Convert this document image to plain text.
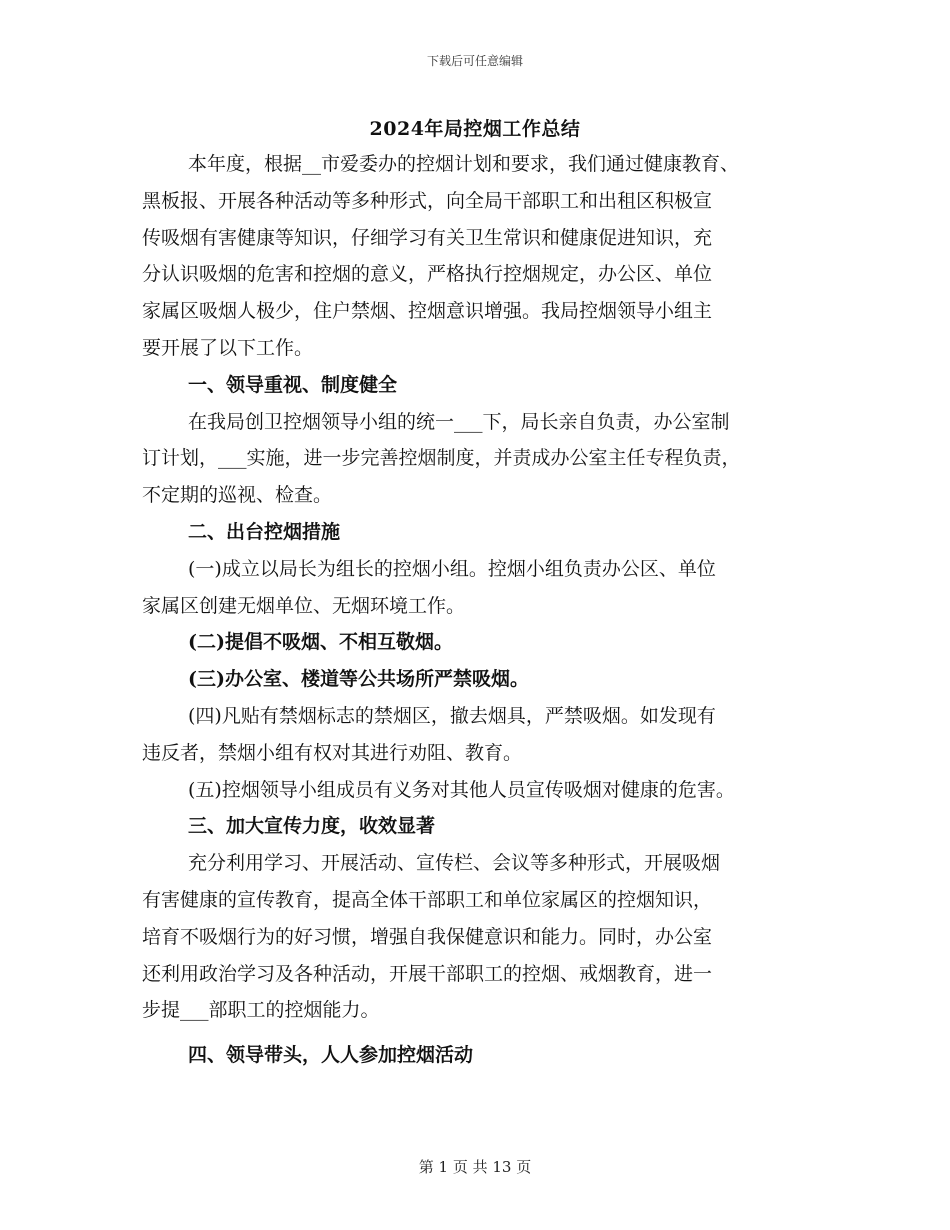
下载后可任意编辑
2024年局控烟工作总结
本年度，根据__市爱委办的控烟计划和要求，我们通过健康教育、
黑板报、开展各种活动等多种形式，向全局干部职工和出租区积极宣
传吸烟有害健康等知识，仔细学习有关卫生常识和健康促进知识，充
分认识吸烟的危害和控烟的意义，严格执行控烟规定，办公区、单位
家属区吸烟人极少，住户禁烟、控烟意识增强。我局控烟领导小组主
要开展了以下工作。
一、领导重视、制度健全
在我局创卫控烟领导小组的统一___下，局长亲自负责，办公室制
订计划，___实施，进一步完善控烟制度，并责成办公室主任专程负责，
不定期的巡视、检查。
二、出台控烟措施
(一)成立以局长为组长的控烟小组。控烟小组负责办公区、单位
家属区创建无烟单位、无烟环境工作。
(二)提倡不吸烟、不相互敬烟。
(三)办公室、楼道等公共场所严禁吸烟。
(四)凡贴有禁烟标志的禁烟区，撤去烟具，严禁吸烟。如发现有
违反者，禁烟小组有权对其进行劝阻、教育。
(五)控烟领导小组成员有义务对其他人员宣传吸烟对健康的危害。
三、加大宣传力度，收效显著
充分利用学习、开展活动、宣传栏、会议等多种形式，开展吸烟
有害健康的宣传教育，提高全体干部职工和单位家属区的控烟知识，
培育不吸烟行为的好习惯，增强自我保健意识和能力。同时，办公室
还利用政治学习及各种活动，开展干部职工的控烟、戒烟教育，进一
步提___部职工的控烟能力。
四、领导带头，人人参加控烟活动
第 1 页 共 13 页
